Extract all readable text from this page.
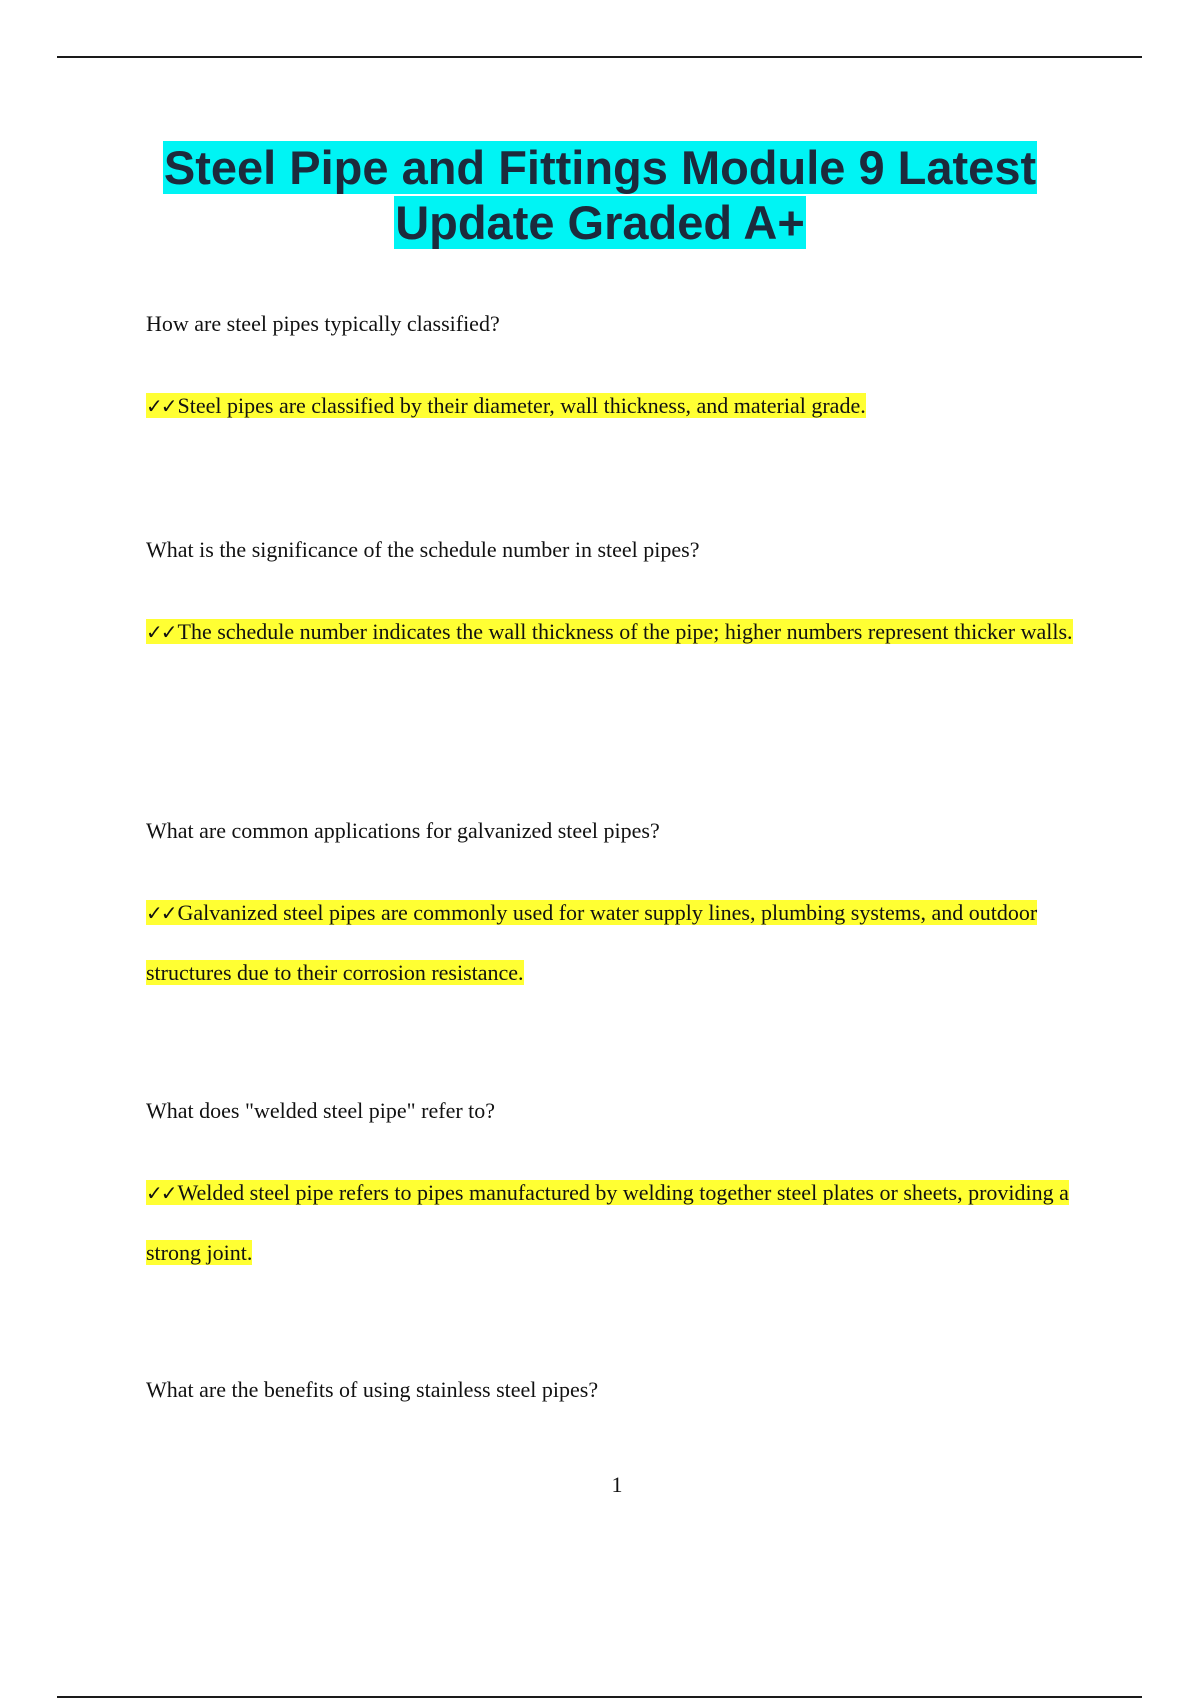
Steel Pipe and Fittings Module 9 Latest Update Graded A+

How are steel pipes typically classified?

✓✓Steel pipes are classified by their diameter, wall thickness, and material grade.

What is the significance of the schedule number in steel pipes?

✓✓The schedule number indicates the wall thickness of the pipe; higher numbers represent thicker walls.

What are common applications for galvanized steel pipes?

✓✓Galvanized steel pipes are commonly used for water supply lines, plumbing systems, and outdoor structures due to their corrosion resistance.

What does "welded steel pipe" refer to?

✓✓Welded steel pipe refers to pipes manufactured by welding together steel plates or sheets, providing a strong joint.

What are the benefits of using stainless steel pipes?

1
